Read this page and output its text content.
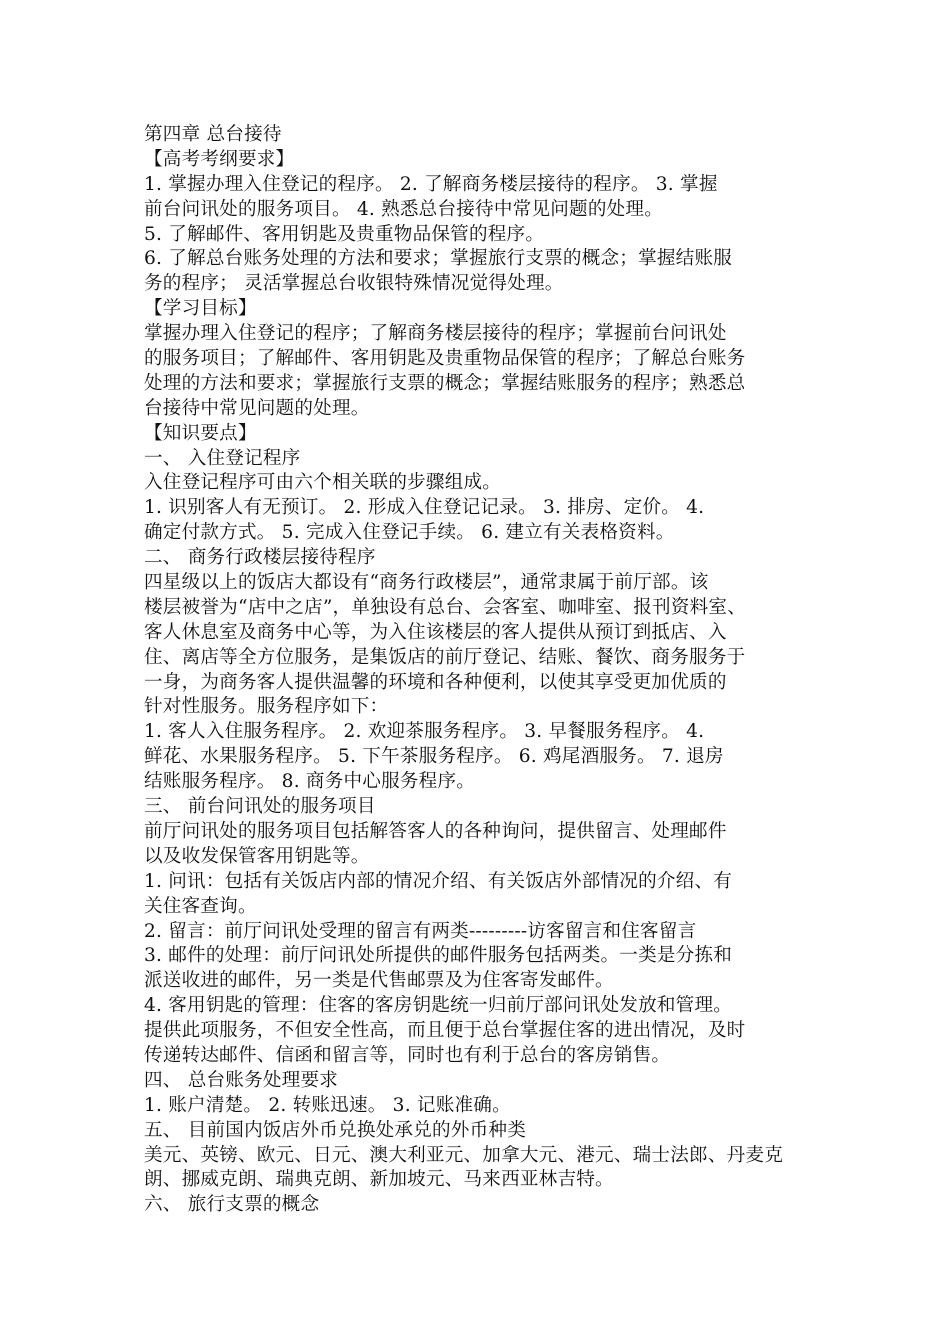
第四章 总台接待
【高考考纲要求】
1. 掌握办理入住登记的程序。 2. 了解商务楼层接待的程序。 3. 掌握
前台问讯处的服务项目。 4. 熟悉总台接待中常见问题的处理。
5. 了解邮件、客用钥匙及贵重物品保管的程序。
6. 了解总台账务处理的方法和要求；掌握旅行支票的概念；掌握结账服
务的程序； 灵活掌握总台收银特殊情况觉得处理。
【学习目标】
掌握办理入住登记的程序；了解商务楼层接待的程序；掌握前台问讯处
的服务项目；了解邮件、客用钥匙及贵重物品保管的程序；了解总台账务
处理的方法和要求；掌握旅行支票的概念；掌握结账服务的程序；熟悉总
台接待中常见问题的处理。
【知识要点】
一、 入住登记程序
入住登记程序可由六个相关联的步骤组成。
1. 识别客人有无预订。 2. 形成入住登记记录。 3. 排房、定价。 4.
确定付款方式。 5. 完成入住登记手续。 6. 建立有关表格资料。
二、 商务行政楼层接待程序
四星级以上的饭店大都设有“商务行政楼层”，通常隶属于前厅部。该
楼层被誉为“店中之店”，单独设有总台、会客室、咖啡室、报刊资料室、
客人休息室及商务中心等，为入住该楼层的客人提供从预订到抵店、入
住、离店等全方位服务，是集饭店的前厅登记、结账、餐饮、商务服务于
一身，为商务客人提供温馨的环境和各种便利，以使其享受更加优质的
针对性服务。服务程序如下：
1. 客人入住服务程序。 2. 欢迎茶服务程序。 3. 早餐服务程序。 4.
鲜花、水果服务程序。 5. 下午茶服务程序。 6. 鸡尾酒服务。 7. 退房
结账服务程序。 8. 商务中心服务程序。
三、 前台问讯处的服务项目
前厅问讯处的服务项目包括解答客人的各种询问，提供留言、处理邮件
以及收发保管客用钥匙等。
1. 问讯：包括有关饭店内部的情况介绍、有关饭店外部情况的介绍、有
关住客查询。
2. 留言：前厅问讯处受理的留言有两类---------访客留言和住客留言
3. 邮件的处理：前厅问讯处所提供的邮件服务包括两类。一类是分拣和
派送收进的邮件，另一类是代售邮票及为住客寄发邮件。
4. 客用钥匙的管理：住客的客房钥匙统一归前厅部问讯处发放和管理。
提供此项服务，不但安全性高，而且便于总台掌握住客的进出情况，及时
传递转达邮件、信函和留言等，同时也有利于总台的客房销售。
四、 总台账务处理要求
1. 账户清楚。 2. 转账迅速。 3. 记账准确。
五、 目前国内饭店外币兑换处承兑的外币种类
美元、英镑、欧元、日元、澳大利亚元、加拿大元、港元、瑞士法郎、丹麦克
朗、挪威克朗、瑞典克朗、新加坡元、马来西亚林吉特。
六、 旅行支票的概念
